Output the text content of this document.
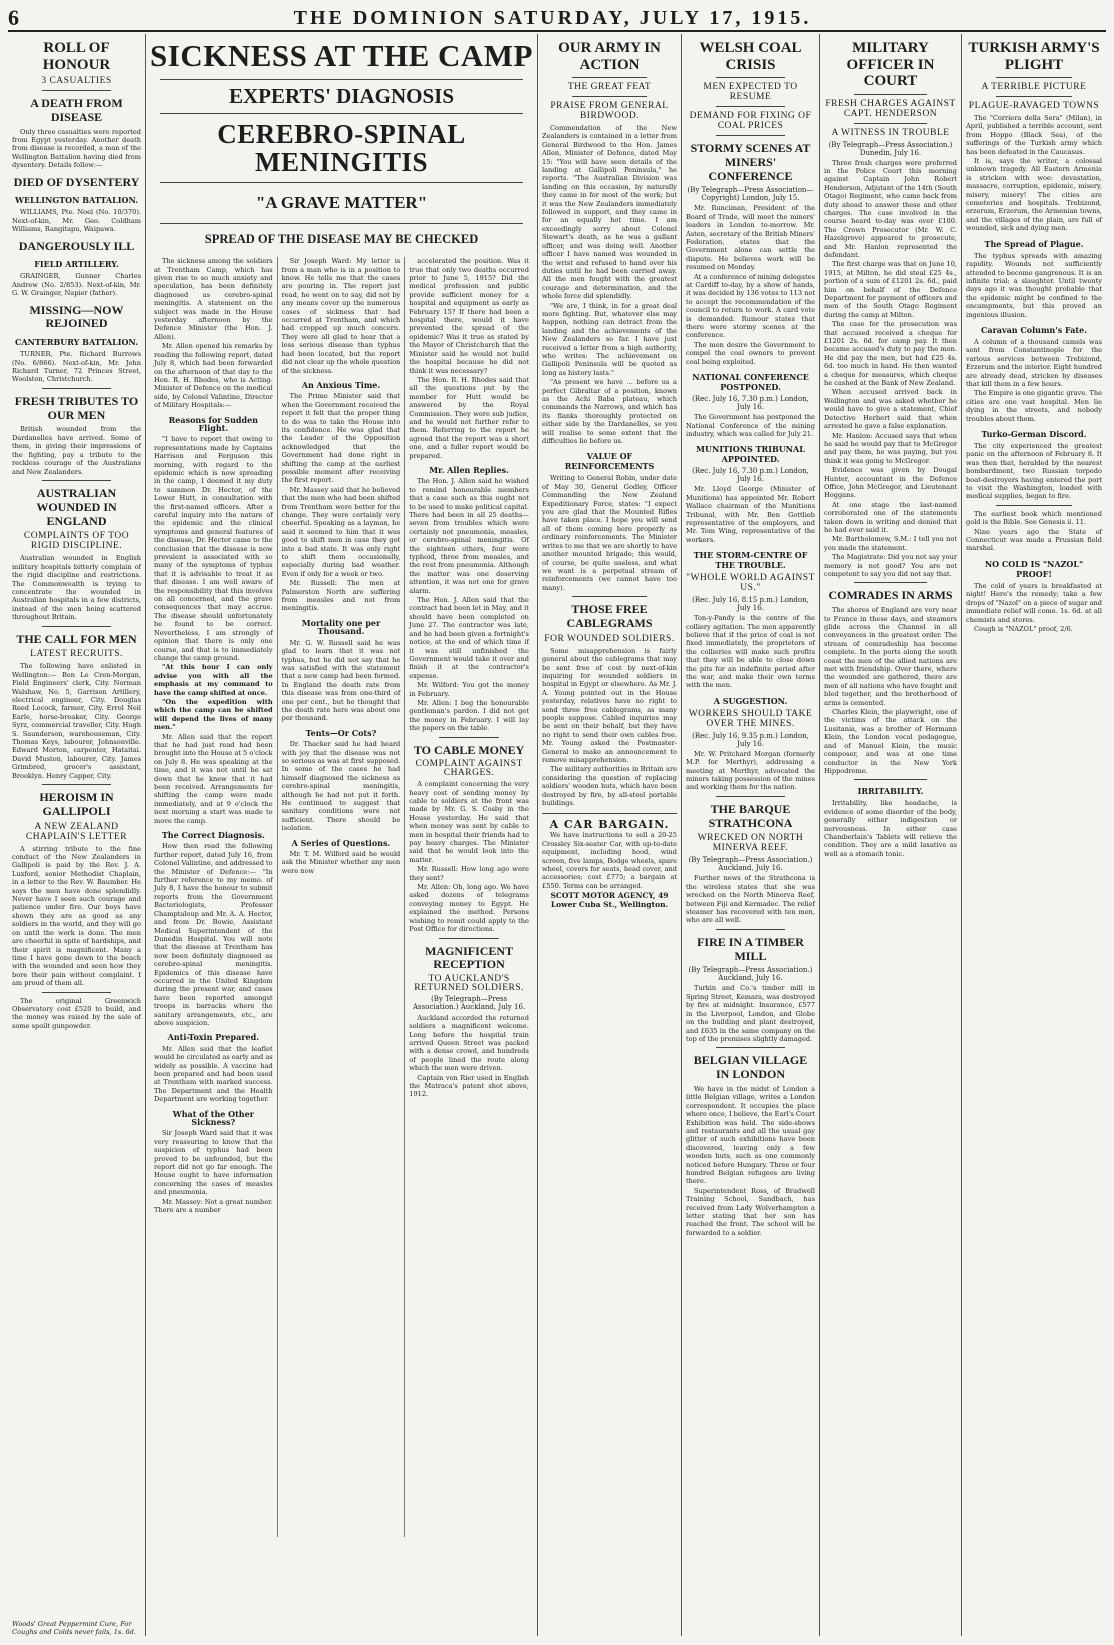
6	THE DOMINION SATURDAY, JULY 17, 1915.
ROLL OF HONOUR
3 CASUALTIES
A DEATH FROM DISEASE

Only three casualties were reported from Egypt yesterday. Another death from disease is recorded, a man of the Wellington Battalion having died from dysentery. Details follow:—

DIED OF DYSENTERY
WELLINGTON BATTALION.

WILLIAMS, Pte. Noel (No. 10/370). Next-of-kin, Mr. Geo. Coldham Williams, Rangitapu, Waipawa.

DANGEROUSLY ILL
FIELD ARTILLERY.

GRAINGER, Gunner Charles Andrew (No. 2/853). Next-of-kin, Mr. G. W. Grainger, Napier (father).

MISSING—NOW REJOINED
CANTERBURY BATTALION.

TURNER, Pte. Richard Burrows (No. 6/866). Next-of-kin, Mr. John Richard Turner, 72 Princes Street, Woolston, Christchurch.

FRESH TRIBUTES TO OUR MEN

British wounded from the Dardanelles have arrived. Some of them, in giving their impressions of the fighting, pay a tribute to the reckless courage of the Australians and New Zealanders.

AUSTRALIAN WOUNDED IN ENGLAND
COMPLAINTS OF TOO RIGID DISCIPLINE.

Australian wounded in English military hospitals bitterly complain of the rigid discipline and restrictions. The Commonwealth is trying to concentrate the wounded in Australian hospitals in a few districts, instead of the men being scattered throughout Britain.

THE CALL FOR MEN
LATEST RECRUITS.

The following have enlisted in Wellington:— Ben Le Cren-Morgan, Field Engineers' clerk, City. Norman Walshaw, No. 5, Garrison Artillery, electrical engineer, City. Douglas Reed Locock, farmer, City. Errol Neil Earle, horse-breaker, City. George Syrz, commercial traveller, City. Hugh S. Saunderson, warehouseman, City. Thomas Keys, labourer, Johnsonville. Edward Morton, carpenter, Hataitai. David Muston, labourer, City. James Grimbred, grocer's assistant, Brooklyn. Henry Capper, City.

HEROISM IN GALLIPOLI
A NEW ZEALAND CHAPLAIN'S LETTER

A stirring tribute to the fine conduct of the New Zealanders in Gallipoli is paid by the Rev. J. A. Luxford, senior Methodist Chaplain, in a letter to the Rev. W. Baumber. He says the men have done splendidly. Never have I seen such courage and patience under fire. Our boys have shown they are as good as any soldiers in the world, and they will go on until the work is done. The men are cheerful in spite of hardships, and their spirit is magnificent. Many a time I have gone down to the beach with the wounded and seen how they bore their pain without complaint. I am proud of them all.

The original Greenwich Observatory cost £520 to build, and the money was raised by the sale of some spoilt gunpowder.

Woods' Great Peppermint Cure, For Coughs and Colds never fails, 1s. 6d.
SICKNESS AT THE CAMP
EXPERTS' DIAGNOSIS
CEREBRO-SPINAL MENINGITIS
"A GRAVE MATTER"
SPREAD OF THE DISEASE MAY BE CHECKED

The sickness among the soldiers at Trentham Camp, which has given rise to so much anxiety and speculation, has been definitely diagnosed as cerebro-spinal meningitis. A statement on the subject was made in the House yesterday afternoon by the Defence Minister (the Hon. J. Allen).

Mr. Allen opened his remarks by reading the following report, dated July 8, which had been forwarded on the afternoon of that day to the Hon. R. H. Rhodes, who is Acting-Minister of Defence on the medical side, by Colonel Valintine, Director of Military Hospitals:—

Reasons for Sudden Flight.

"I have to report that owing to representations made by Captains Harrison and Ferguson this morning, with regard to the epidemic which is now spreading in the camp, I deemed it my duty to summon Dr. Hector, of the Lower Hutt, in consultation with the first-named officers. After a careful inquiry into the nature of the epidemic and the clinical symptoms and general features of the disease, Dr. Hector came to the conclusion that the disease is now prevalent is associated with so many of the symptoms of typhus that it is advisable to treat it as that disease. I am well aware of the responsibility that this involves on all concerned, and the grave consequences that may accrue. The disease should unfortunately be found to be correct. Nevertheless, I am strongly of opinion that there is only one course, and that is to immediately change the camp ground.

"At this hour I can only advise you with all the emphasis at my command to have the camp shifted at once.

"On the expedition with which the camp can be shifted will depend the lives of many men."

Mr. Allen said that the report that he had just read had been brought into the House at 5 o'clock on July 8. He was speaking at the time, and it was not until he sat down that he knew that it had been received. Arrangements for shifting the camp were made immediately, and at 9 o'clock the next morning a start was made to move the camp.

The Correct Diagnosis.

How then read the following further report, dated July 16, from Colonel Valintine, and addressed to the Minister of Defence:— "In further reference to my memo. of July 8, I have the honour to submit reports from the Government Bacteriologists, Professor Champtaloup and Mr. A. A. Hector, and from Dr. Bowie, Assistant Medical Superintendent of the Dunedin Hospital. You will note that the disease at Trentham has now been definitely diagnosed as cerebro-spinal meningitis. Epidemics of this disease have occurred in the United Kingdom during the present war, and cases have been reported amongst troops in barracks where the sanitary arrangements, etc., are above suspicion.

Anti-Toxin Prepared.

Mr. Allen said that the leaflet would be circulated as early and as widely as possible. A vaccine had been prepared and had been used at Trentham with marked success. The Department and the Health Department are working together.

What of the Other Sickness?

Sir Joseph Ward said that it was very reassuring to know that the suspicion of typhus had been proved to be unfounded, but the report did not go far enough. The House ought to have information concerning the cases of measles and pneumonia.

Mr. Massey: Not a great number. There are a number

Sir Joseph Ward: My letter is from a man who is in a position to know. He tells me that the cases are pouring in. The report just read, he went on to say, did not by any means cover up the numerous cases of sickness that had occurred at Trentham, and which had cropped up much concern. They were all glad to hear that a less serious disease than typhus had been located, but the report did not clear up the whole question of the sickness.

An Anxious Time.

The Prime Minister said that when the Government received the report it felt that the proper thing to do was to take the House into its confidence. He was glad that the Leader of the Opposition acknowledged that the Government had done right in shifting the camp at the earliest possible moment after receiving the first report.

Mr. Massey said that he believed that the men who had been shifted from Trentham were better for the change. They were certainly very cheerful. Speaking as a layman, he said it seemed to him that it was good to shift men in case they got into a bad state. It was only right to shift them occasionally, especially during bad weather. Even if only for a week or two.

Mr. Russell: The men at Palmerston North are suffering from measles and not from meningitis.

Mortality one per Thousand.

Mr. G. W. Russell said he was glad to learn that it was not typhus, but he did not say that he was satisfied with the statement that a new camp had been formed. In England the death rate from this disease was from one-third of one per cent., but he thought that the death rate here was about one per thousand.

Tents—Or Cots?

Dr. Thacker said he had heard with joy that the disease was not so serious as was at first supposed. In some of the cases he had himself diagnosed the sickness as cerebro-spinal meningitis, although he had not put it forth. He continued to suggest that sanitary conditions were not sufficient. There should be isolation.

A Series of Questions.

Mr. T. M. Wilford said he would ask the Minister whether any men were now

accelerated the position. Was it true that only two deaths occurred prior to June 5, 1915? Did the medical profession and public provide sufficient money for a hospital and equipment as early as February 15? If there had been a hospital there, would it have prevented the spread of the epidemic? Was it true as stated by the Mayor of Christchurch that the Minister said he would not build the hospital because he did not think it was necessary?

The Hon. R. H. Rhodes said that all the questions put by the member for Hutt would be answered by the Royal Commission. They were sub judice, and he would not further refer to them. Referring to the report he agreed that the report was a short one, and a fuller report would be prepared.

Mr. Allen Replies.

The Hon. J. Allen said he wished to remind honourable members that a case such as this ought not to be used to make political capital. There had been in all 25 deaths—seven from troubles which were certainly not pneumonia, measles, or cerebro-spinal meningitis. Of the eighteen others, four were typhoid, three from measles, and the rest from pneumonia. Although the matter was one deserving attention, it was not one for grave alarm.

The Hon. J. Allen said that the contract had been let in May, and it should have been completed on June 27. The contractor was late, and he had been given a fortnight's notice, at the end of which time if it was still unfinished the Government would take it over and finish it at the contractor's expense.

Mr. Wilford: You got the money in February.

Mr. Allen: I beg the honourable gentleman's pardon. I did not get the money in February. I will lay the papers on the table.

TO CABLE MONEY
COMPLAINT AGAINST CHARGES.

A complaint concerning the very heavy cost of sending money by cable to soldiers at the front was made by Mr. G. S. Cosby in the House yesterday. He said that when money was sent by cable to men in hospital their friends had to pay heavy charges. The Minister said that he would look into the matter.

Mr. Russell: How long ago were they sent?

Mr. Allen: Oh, long ago. We have asked dozens of telegrams conveying money to Egypt. He explained the method. Persons wishing to remit could apply to the Post Office for directions.

MAGNIFICENT RECEPTION
TO AUCKLAND'S RETURNED SOLDIERS.
(By Telegraph—Press Association.) Auckland, July 16.

Auckland accorded the returned soldiers a magnificent welcome. Long before the hospital train arrived Queen Street was packed with a dense crowd, and hundreds of people lined the route along which the men were driven.

Captain von Rier used in English the Matraca's patent shot above, 1912.

OUR ARMY IN ACTION
THE GREAT FEAT
PRAISE FROM GENERAL BIRDWOOD.

Commendation of the New Zealanders is contained in a letter from General Birdwood to the Hon. James Allen, Minister of Defence, dated May 15: "You will have seen details of the landing at Gallipoli Peninsula," he reports. "The Australian Division was landing on this occasion, by naturally they came in for most of the work; but it was the New Zealanders immediately followed in support, and they came in for an equally hot time. I am exceedingly sorry about Colonel Stewart's death, as he was a gallant officer, and was doing well. Another officer I have named was wounded in the wrist and refused to hand over his duties until he had been carried away. All the men fought with the greatest courage and determination, and the whole force did splendidly.

"We are, I think, in for a great deal more fighting. But, whatever else may happen, nothing can detract from the landing and the achievements of the New Zealanders so far. I have just received a letter from a high authority, who writes: The achievement on Gallipoli Peninsula will be quoted as long as history lasts."

"As present we have ... before us a perfect Gibraltar of a position, known as the Achi Baba plateau, which commands the Narrows, and which has its flanks thoroughly protected on either side by the Dardanelles, so you will realise to some extent that the difficulties lie before us.

VALUE OF REINFORCEMENTS

Writing to General Robin, under date of May 30, General Godley, Officer Commanding the New Zealand Expeditionary Force, states: "I expect you are glad that the Mounted Rifles have taken place. I hope you will send all of them coming here properly as ordinary reinforcements. The Minister writes to me that we are shortly to have another mounted brigade; this would, of course, be quite useless, and what we want is a perpetual stream of reinforcements (we cannot have too many).

THOSE FREE CABLEGRAMS
FOR WOUNDED SOLDIERS.

Some misapprehension is fairly general about the cablegrams that may be sent free of cost by next-of-kin inquiring for wounded soldiers in hospital in Egypt or elsewhere. As Mr. J. A. Young pointed out in the House yesterday, relatives have no right to send three free cablegrams, as many people suppose. Cabled inquiries may be sent on their behalf, but they have no right to send their own cables free. Mr. Young asked the Postmaster-General to make an announcement to remove misapprehension.

The military authorities in Britain are considering the question of replacing soldiers' wooden huts, which have been destroyed by fire, by all-steel portable buildings.

A CAR BARGAIN.

We have instructions to sell a 20-25 Crossley Six-seater Car, with up-to-date equipment, including hood, wind screen, five lamps, Bodge wheels, spare wheel, covers for seats, head cover, and accessories; cost £775; a bargain at £550. Terms can be arranged.

SCOTT MOTOR AGENCY, 49 Lower Cuba St., Wellington.
WELSH COAL CRISIS
MEN EXPECTED TO RESUME
DEMAND FOR FIXING OF COAL PRICES
STORMY SCENES AT MINERS' CONFERENCE
(By Telegraph—Press Association—Copyright) London, July 15.

Mr. Runciman, President of the Board of Trade, will meet the miners' leaders in London to-morrow. Mr. Asten, secretary of the British Miners' Federation, states that the Government alone can settle the dispute. He believes work will be resumed on Monday.

At a conference of mining delegates at Cardiff to-day, by a show of hands, it was decided by 136 votes to 113 not to accept the recommendation of the council to return to work. A card vote is demanded. Rumour states that there were stormy scenes at the conference.

The men desire the Government to compel the coal owners to prevent coal being exploited.

NATIONAL CONFERENCE POSTPONED.
(Rec. July 16, 7.30 p.m.) London, July 16.

The Government has postponed the National Conference of the mining industry, which was called for July 21.

MUNITIONS TRIBUNAL APPOINTED.
(Rec. July 16, 7.30 p.m.) London, July 16.

Mr. Lloyd George (Minister of Munitions) has appointed Mr. Robert Wallace chairman of the Munitions Tribunal, with Mr. Ben Gottlieb representative of the employers, and Mr. Tom Wing, representative of the workers.

THE STORM-CENTRE OF THE TROUBLE.
"WHOLE WORLD AGAINST US."
(Rec. July 16, 8.15 p.m.) London, July 16.

Ton-y-Pandy is the centre of the colliery agitation. The men apparently believe that if the price of coal is not fixed immediately, the proprietors of the collieries will make such profits that they will be able to close down the pits for an indefinite period after the war, and make their own terms with the men.

A SUGGESTION.
WORKERS SHOULD TAKE OVER THE MINES.
(Rec. July 16, 9.35 p.m.) London, July 16.

Mr. W. Pritchard Morgan (formerly M.P. for Merthyr), addressing a meeting at Merthyr, advocated the miners taking possession of the mines and working them for the nation.

THE BARQUE STRATHCONA
WRECKED ON NORTH MINERVA REEF.
(By Telegraph—Press Association.) Auckland, July 16.

Further news of the Strathcona is the wireless states that she was wrecked on the North Minerva Reef, between Fiji and Kermadec. The relief steamer has recovered with ten men, who are all well.

FIRE IN A TIMBER MILL
(By Telegraph—Press Association.) Auckland, July 16.

Turkin and Co.'s timber mill in Spring Street, Kemara, was destroyed by fire at midnight. Insurance, £577 in the Liverpool, London, and Globe on the building and plant destroyed, and £635 in the same company on the top of the premises slightly damaged.

BELGIAN VILLAGE IN LONDON

We have in the midst of London a little Belgian village, writes a London correspondent. It occupies the place where once, I believe, the Earl's Court Exhibition was held. The side-shows and restaurants and all the usual gay glitter of such exhibitions have been discovered, leaving only a few wooden huts, such as one commonly noticed before Hungary. Three or four hundred Belgian refugees are living there.

Superintendent Ross, of Bradwell Training School, Sandbach, has received from Lady Wolverhampton a letter stating that her son has reached the front. The school will be forwarded to a soldier.

MILITARY OFFICER IN COURT
FRESH CHARGES AGAINST CAPT. HENDERSON
A WITNESS IN TROUBLE
(By Telegraph—Press Association.) Dunedin, July 16.

Three fresh charges were preferred in the Police Court this morning against Captain John Robert Henderson, Adjutant of the 14th (South Otago) Regiment, who came back from duty ahead to answer these and other charges. The case involved in the course heard to-day was over £100. The Crown Prosecutor (Mr. W. C. Hazelgrove) appeared to prosecute, and Mr. Hanlon represented the defendant.

The first charge was that on June 10, 1915, at Milton, he did steal £25 4s., portion of a sum of £1201 2s. 6d., paid him on behalf of the Defence Department for payment of officers and men of the South Otago Regiment during the camp at Milton.

The case for the prosecution was that accused received a cheque for £1201 2s. 6d. for camp pay. It then became accused's duty to pay the men. He did pay the men, but had £25 4s. 6d. too much in hand. He then wanted a cheque for measures, which cheque he cashed at the Bank of New Zealand.

When accused arrived back in Wellington and was asked whether he would have to give a statement, Chief Detective Herbert said that when arrested he gave a false explanation.

Mr. Hanlon: Accused says that when he said he would pay that to McGregor and pay them, he was paying, but you think it was going to McGregor.

Evidence was given by Dougal Hunter, accountant in the Defence Office, John McGregor, and Lieutenant Hoggans.

At one stage the last-named corroborated one of the statements taken down in writing and denied that he had ever said it.

Mr. Bartholomew, S.M.: I tell you not you made the statement.

The Magistrate: Did you not say your memory is not good? You are not competent to say you did not say that.

COMRADES IN ARMS

The shores of England are very near to France in these days, and steamers glide across the Channel in all conveyances in the greatest order. The stream of comradeship has become complete. In the ports along the south coast the men of the allied nations are met with friendship. Over there, where the wounded are gathered, there are men of all nations who have fought and bled together, and the brotherhood of arms is cemented.

Charles Klein, the playwright, one of the victims of the attack on the Lusitania, was a brother of Hermann Klein, the London vocal pedagogue, and of Manuel Klein, the music composer, and was at one time conductor in the New York Hippodrome.

IRRITABILITY.

Irritability, like headache, is evidence of some disorder of the body, generally either indigestion or nervousness. In either case Chamberlain's Tablets will relieve the condition. They are a mild laxative as well as a stomach tonic.

TURKISH ARMY'S PLIGHT
A TERRIBLE PICTURE
PLAGUE-RAVAGED TOWNS

The "Corriera della Sera" (Milan), in April, published a terrible account, sent from Hoppo (Black Sea), of the sufferings of the Turkish army which has been defeated in the Caucasus.

It is, says the writer, a colossal unknown tragedy. All Eastern Armenia is stricken with woe: devastation, massacre, corruption, epidemic, misery, misery, misery! The cities are cemeteries and hospitals. Trebizond, erzerum, Erzerum, the Armenian towns, and the villages of the plain, are full of wounded, sick and dying men.

The Spread of Plague.

The typhus spreads with amazing rapidity. Wounds not sufficiently attended to become gangrenous. It is an infinite trial; a slaughter. Until twenty days ago it was thought probable that the epidemic might be confined to the encampments, but this proved an ingenious illusion.

Caravan Column's Fate.

A column of a thousand camels was sent from Constantinople for the various services between Trebizond, Erzerum and the interior. Eight hundred are already dead, stricken by diseases that kill them in a few hours.

The Empire is one gigantic grave. The cities are one vast hospital. Men lie dying in the streets, and nobody troubles about them.

Turko-German Discord.

The city experienced the greatest panic on the afternoon of February 8. It was then that, heralded by the nearest bombardment, two Russian torpedo boat-destroyers having entered the port to visit the Washington, loaded with medical supplies, began to fire.

The earliest book which mentioned gold is the Bible. See Genesis ii. 11.

Nine years ago the State of Connecticut was made a Prussian field marshal.

NO COLD IS "NAZOL" PROOF!

The cold of years is breakfasted at night! Here's the remedy; take a few drops of "Nazol" on a piece of sugar and immediate relief will come. 1s. 6d. at all chemists and stores.

Cough is "NAZOL" proof, 2/6.
